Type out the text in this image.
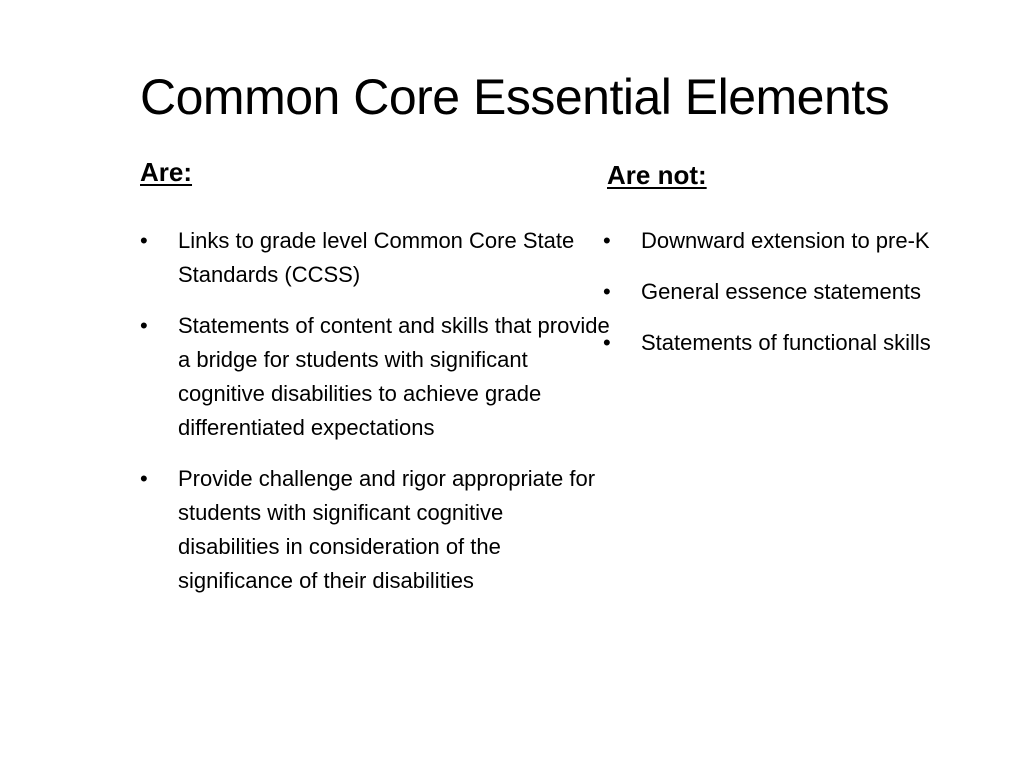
Common Core Essential Elements
Are:	Are not:
• Links to grade level Common Core State Standards (CCSS)
• Statements of content and skills that provide a bridge for students with significant cognitive disabilities to achieve grade differentiated expectations
• Provide challenge and rigor appropriate for students with significant cognitive disabilities in consideration of the significance of their disabilities
• Downward extension to pre-K
• General essence statements
• Statements of functional skills
